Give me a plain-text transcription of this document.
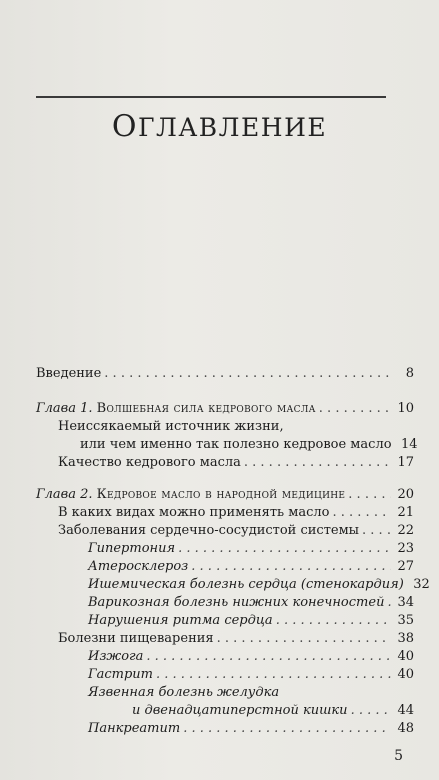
ОГЛАВЛЕНИЕ
Введение . . .	8
Глава 1. Волшебная сила кедрового масла . . .	10
Неиссякаемый источник жизни,
или чем именно так полезно кедровое масло 14
Качество кедрового масла . . .	17
Глава 2. Кедровое масло в народной медицине . . .	20
В каких видах можно применять масло . . .	21
Заболевания сердечно-сосудистой системы . . .	22
Гипертония . . .	23
Атеросклероз . . .	27
Ишемическая болезнь сердца (стенокардия) 32
Варикозная болезнь нижних конечностей . . . 34
Нарушения ритма сердца . . .	35
Болезни пищеварения . . .	38
Изжога . . .	40
Гастрит . . .	40
Язвенная болезнь желудка
и двенадцатиперстной кишки . . .	44
Панкреатит . . .	48
5
